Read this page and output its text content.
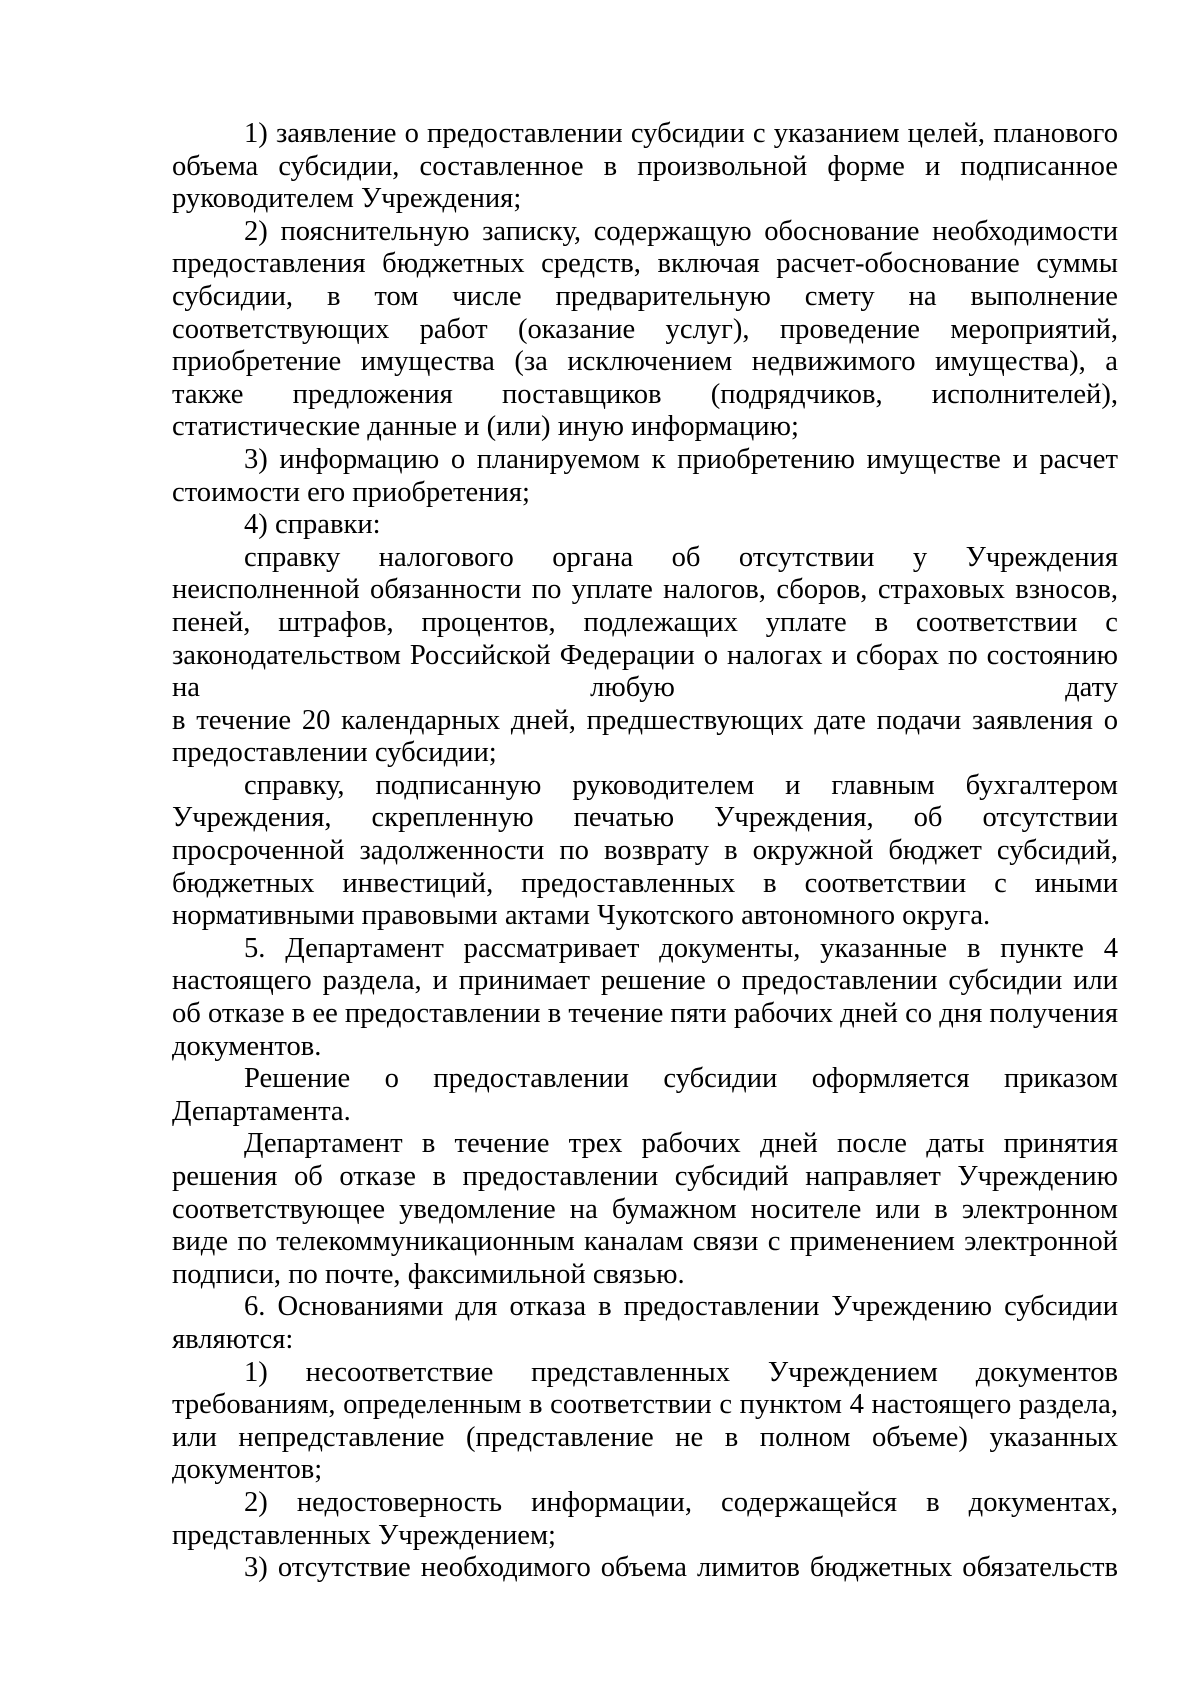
1) заявление о предоставлении субсидии с указанием целей, планового объема субсидии, составленное в произвольной форме и подписанное руководителем Учреждения;

2) пояснительную записку, содержащую обоснование необходимости предоставления бюджетных средств, включая расчет-обоснование суммы субсидии, в том числе предварительную смету на выполнение соответствующих работ (оказание услуг), проведение мероприятий, приобретение имущества (за исключением недвижимого имущества), а также предложения поставщиков (подрядчиков, исполнителей), статистические данные и (или) иную информацию;

3) информацию о планируемом к приобретению имуществе и расчет стоимости его приобретения;

4) справки:

справку налогового органа об отсутствии у Учреждения неисполненной обязанности по уплате налогов, сборов, страховых взносов, пеней, штрафов, процентов, подлежащих уплате в соответствии с законодательством Российской Федерации о налогах и сборах по состоянию на любую дату

в течение 20 календарных дней, предшествующих дате подачи заявления о предоставлении субсидии;

справку, подписанную руководителем и главным бухгалтером Учреждения, скрепленную печатью Учреждения, об отсутствии просроченной задолженности по возврату в окружной бюджет субсидий, бюджетных инвестиций, предоставленных в соответствии с иными нормативными правовыми актами Чукотского автономного округа.

5. Департамент рассматривает документы, указанные в пункте 4 настоящего раздела, и принимает решение о предоставлении субсидии или об отказе в ее предоставлении в течение пяти рабочих дней со дня получения документов.

Решение о предоставлении субсидии оформляется приказом Департамента.

Департамент в течение трех рабочих дней после даты принятия решения об отказе в предоставлении субсидий направляет Учреждению соответствующее уведомление на бумажном носителе или в электронном виде по телекоммуникационным каналам связи с применением электронной подписи, по почте, факсимильной связью.

6. Основаниями для отказа в предоставлении Учреждению субсидии являются:

1) несоответствие представленных Учреждением документов требованиям, определенным в соответствии с пунктом 4 настоящего раздела, или непредставление (представление не в полном объеме) указанных документов;

2) недостоверность информации, содержащейся в документах, представленных Учреждением;

3) отсутствие необходимого объема лимитов бюджетных обязательств
